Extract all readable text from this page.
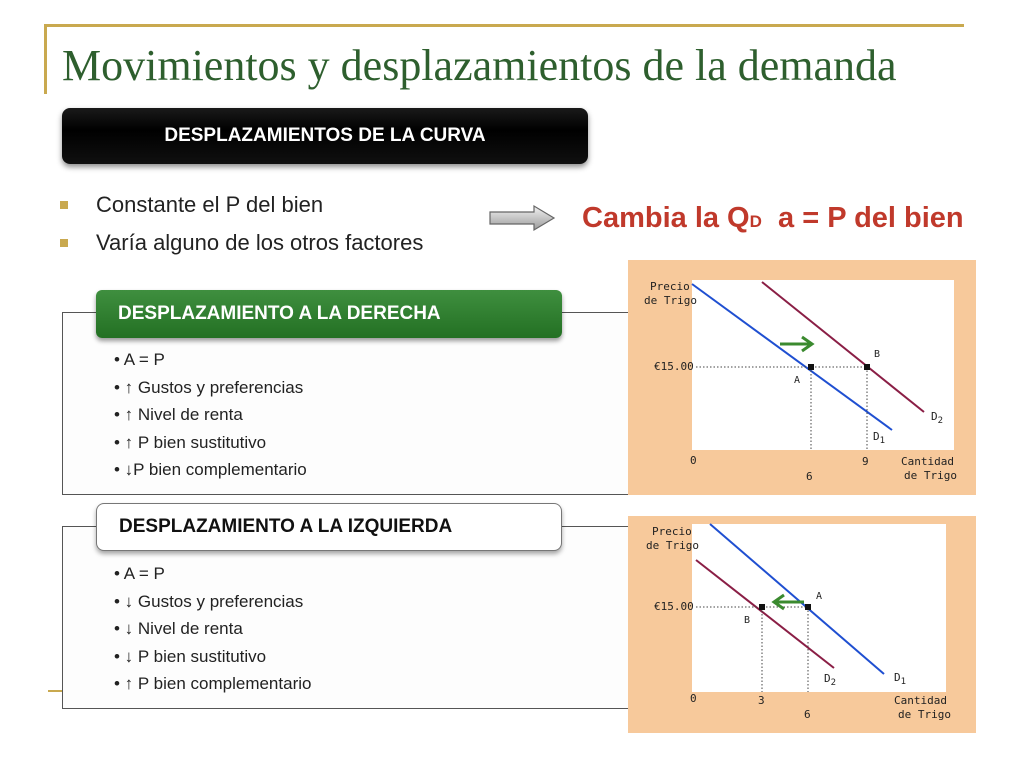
Movimientos y desplazamientos de la demanda
DESPLAZAMIENTOS DE LA CURVA
Constante el P del bien
Varía alguno de los otros factores
Cambia la QD  a = P del bien
DESPLAZAMIENTO A LA DERECHA
• A = P
• ↑ Gustos y preferencias
• ↑ Nivel de renta
• ↑ P bien sustitutivo
• ↓P bien complementario
DESPLAZAMIENTO A LA IZQUIERDA
• A = P
• ↓ Gustos y preferencias
• ↓ Nivel de renta
• ↓ P bien sustitutivo
• ↑ P bien complementario
Precio
de Trigo
Cantidad
de Trigo
€15.00
0
6
9
A
B
$D_1$
$D_2$
Precio
de Trigo
Cantidad
de Trigo
€15.00
0	3
6
A
B
$D_1$
$D_2$
